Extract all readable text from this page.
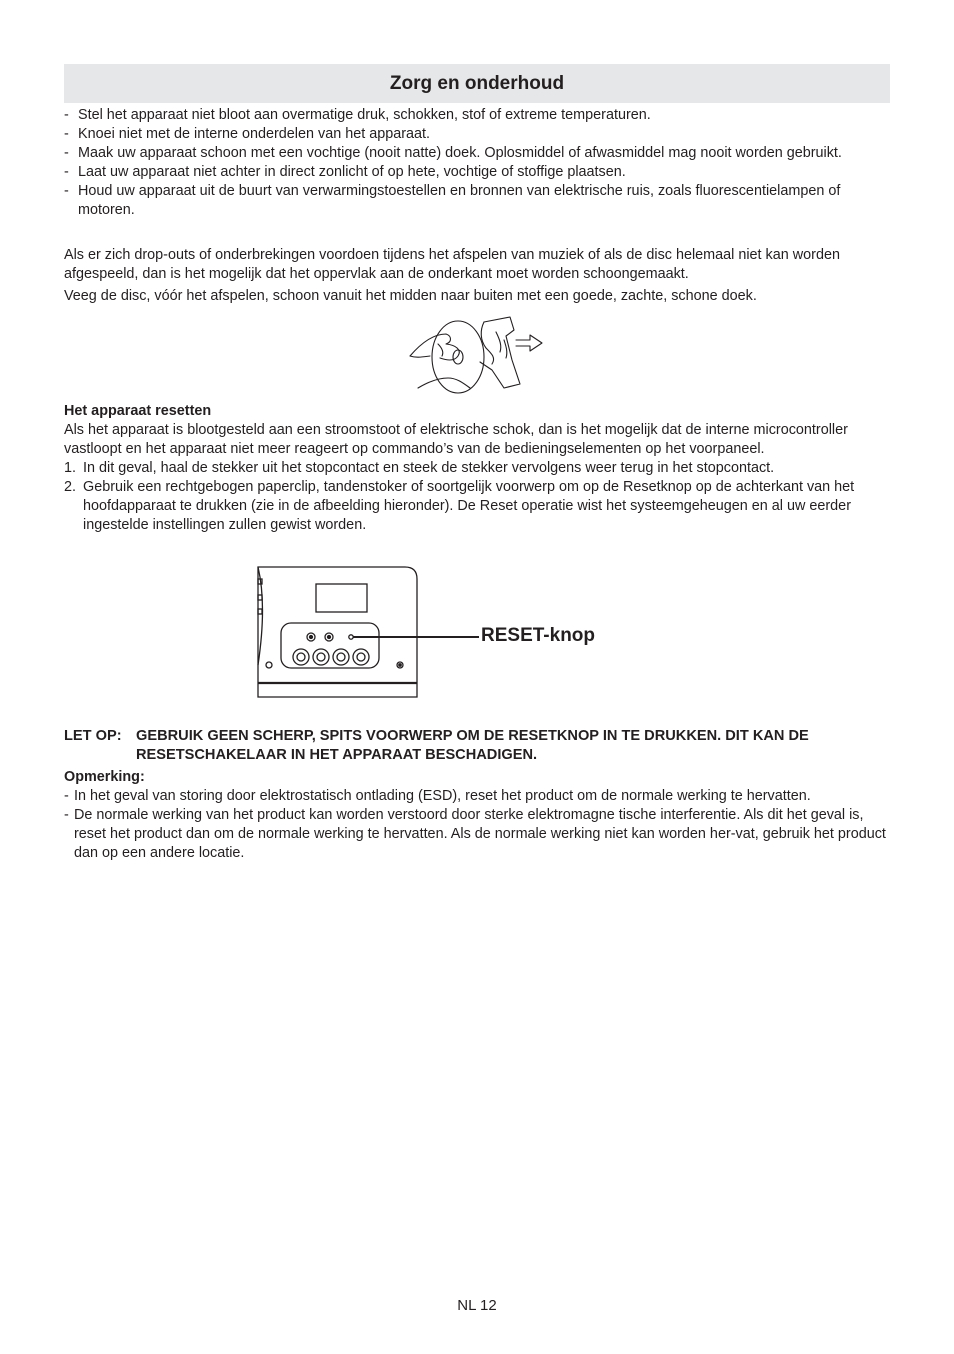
Zorg en onderhoud
- Stel het apparaat niet bloot aan overmatige druk, schokken, stof of extreme temperaturen.
- Knoei niet met de interne onderdelen van het apparaat.
- Maak uw apparaat schoon met een vochtige (nooit natte) doek. Oplosmiddel of afwasmiddel mag nooit worden gebruikt.
- Laat uw apparaat niet achter in direct zonlicht of op hete, vochtige of stoffige plaatsen.
- Houd uw apparaat uit de buurt van verwarmingstoestellen en bronnen van elektrische ruis, zoals fluorescentielampen of motoren.

Als er zich drop-outs of onderbrekingen voordoen tijdens het afspelen van muziek of als de disc helemaal niet kan worden afgespeeld, dan is het mogelijk dat het oppervlak aan de onderkant moet worden schoongemaakt.

Veeg de disc, vóór het afspelen, schoon vanuit het midden naar buiten met een goede, zachte, schone doek.

Het apparaat resetten

Als het apparaat is blootgesteld aan een stroomstoot of elektrische schok, dan is het mogelijk dat de interne microcontroller vastloopt en het apparaat niet meer reageert op commando’s van de bedieningselementen op het voorpaneel.

1. In dit geval, haal de stekker uit het stopcontact en steek de stekker vervolgens weer terug in het stopcontact.
2. Gebruik een rechtgebogen paperclip, tandenstoker of soortgelijk voorwerp om op de Resetknop op de achterkant van het hoofdapparaat te drukken (zie in de afbeelding hieronder). De Reset operatie wist het systeemgeheugen en al uw eerder ingestelde instellingen zullen gewist worden.
RESET-knop
LET OP: GEBRUIK GEEN SCHERP, SPITS VOORWERP OM DE RESETKNOP IN TE DRUKKEN. DIT KAN DE RESETSCHAKELAAR IN HET APPARAAT BESCHADIGEN.

Opmerking:

- In het geval van storing door elektrostatisch ontlading (ESD), reset het product om de normale werking te hervatten.
- De normale werking van het product kan worden verstoord door sterke elektromagne tische interferentie. Als dit het geval is, reset het product dan om de normale werking te hervatten. Als de normale werking niet kan worden her-vat, gebruik het product dan op een andere locatie.
NL 12
